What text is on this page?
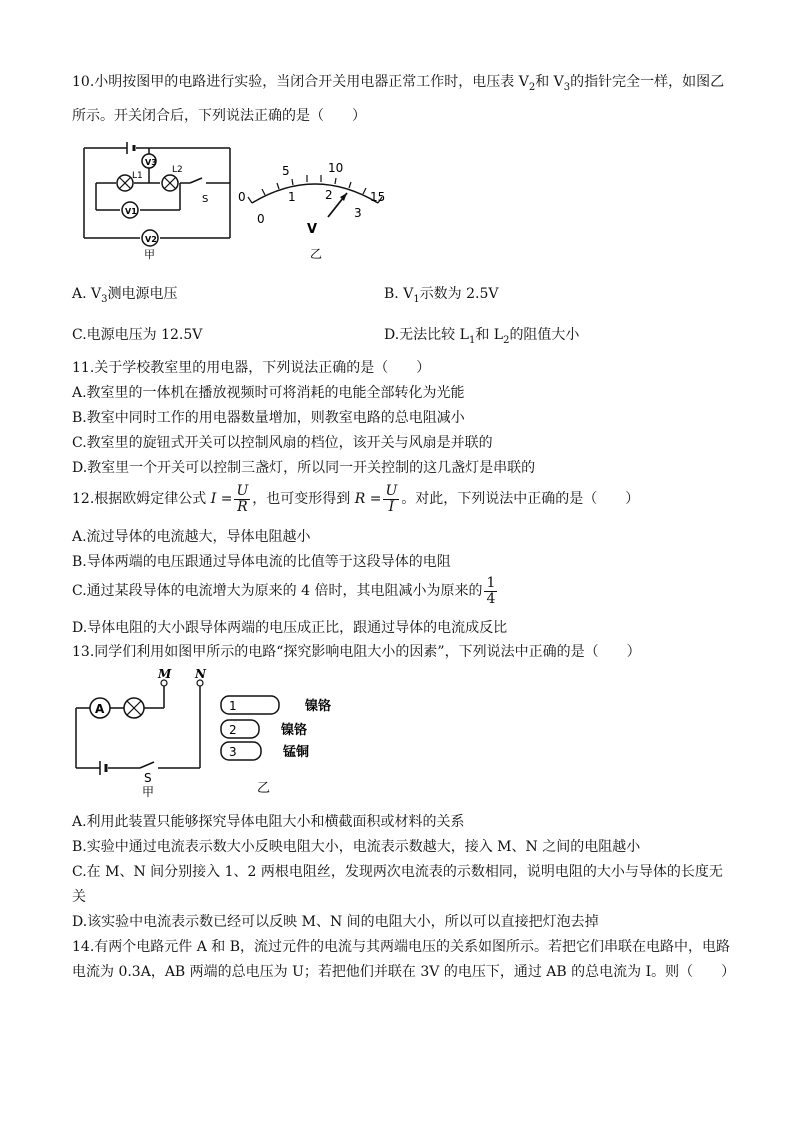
10.小明按图甲的电路进行实验，当闭合开关用电器正常工作时，电压表 $V_2$和 $V_3$的指针完全一样，如图乙
所示。开关闭合后，下列说法正确的是（　　）
V3
L1
L2
V1
S
V2
甲
0
5	10
15
0
1 2
3
V
乙
A. $V_3$测电源电压	B. $V_1$示数为 2.5V
C.电源电压为 12.5V	D.无法比较 $L_1$和 $L_2$的阻值大小
11.关于学校教室里的用电器，下列说法正确的是（　　）
A.教室里的一体机在播放视频时可将消耗的电能全部转化为光能
B.教室中同时工作的用电器数量增加，则教室电路的总电阻减小
C.教室里的旋钮式开关可以控制风扇的档位，该开关与风扇是并联的
D.教室里一个开关可以控制三盏灯，所以同一开关控制的这几盏灯是串联的
12.根据欧姆定律公式 $I = \frac{U}{R}$ ，也可变形得到 $R = \frac{U}{I}$ 。对此，下列说法中正确的是（　　）
A.流过导体的电流越大，导体电阻越小
B.导体两端的电压跟通过导体电流的比值等于这段导体的电阻
C.通过某段导体的电流增大为原来的 4 倍时，其电阻减小为原来的 $\frac{1}{4}$
D.导体电阻的大小跟导体两端的电压成正比，跟通过导体的电流成反比
13.同学们利用如图甲所示的电路“探究影响电阻大小的因素”，下列说法中正确的是（　　）
M N
A
S
甲
1
2
3
镍铬
镍铬
锰铜
乙
A.利用此装置只能够探究导体电阻大小和横截面积或材料的关系
B.实验中通过电流表示数大小反映电阻大小，电流表示数越大，接入 M、N 之间的电阻越小
C.在 M、N 间分别接入 1、2 两根电阻丝，发现两次电流表的示数相同，说明电阻的大小与导体的长度无
关
D.该实验中电流表示数已经可以反映 M、N 间的电阻大小，所以可以直接把灯泡去掉
14.有两个电路元件 A 和 B，流过元件的电流与其两端电压的关系如图所示。若把它们串联在电路中，电路
电流为 0.3A，AB 两端的总电压为 U；若把他们并联在 3V 的电压下，通过 AB 的总电流为 I。则（　　）
